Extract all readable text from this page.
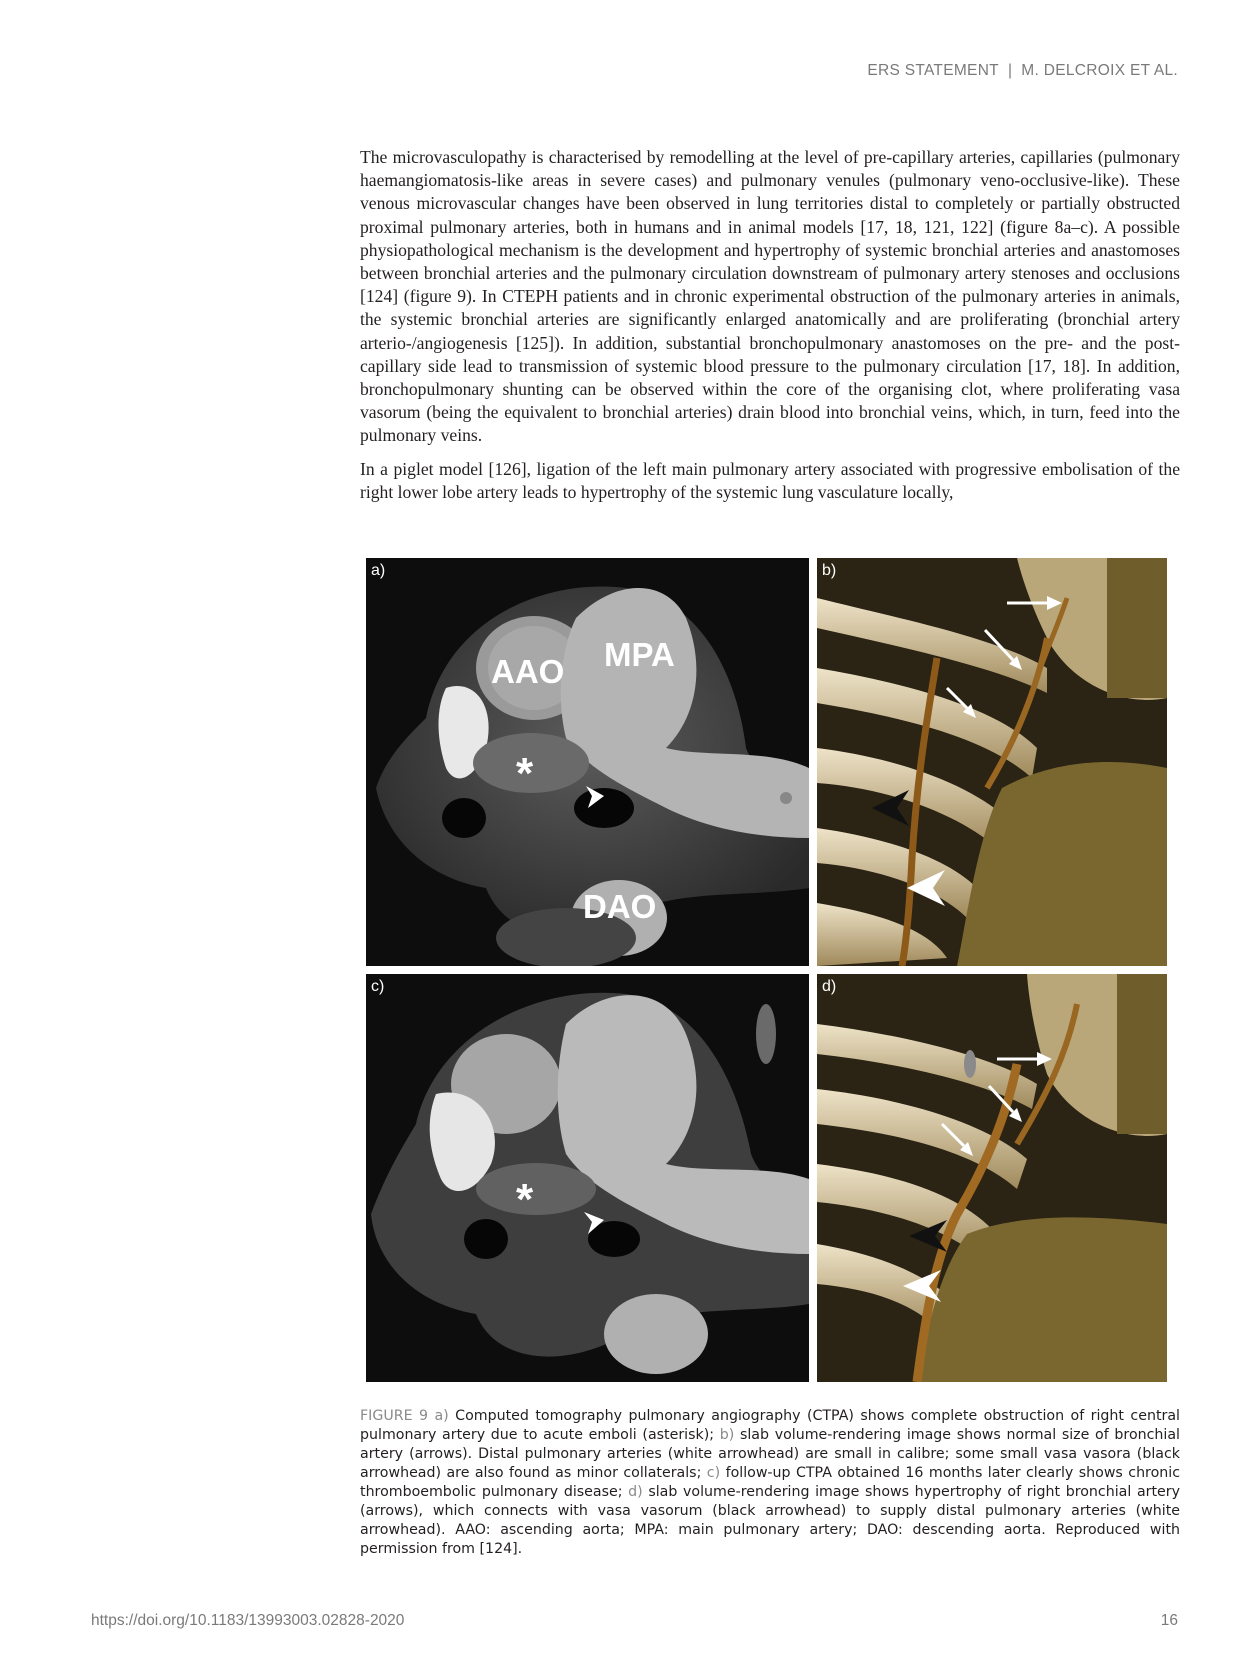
ERS STATEMENT | M. DELCROIX ET AL.

The microvasculopathy is characterised by remodelling at the level of pre-capillary arteries, capillaries (pulmonary haemangiomatosis-like areas in severe cases) and pulmonary venules (pulmonary veno-occlusive-like). These venous microvascular changes have been observed in lung territories distal to completely or partially obstructed proximal pulmonary arteries, both in humans and in animal models [17, 18, 121, 122] (figure 8a–c). A possible physiopathological mechanism is the development and hypertrophy of systemic bronchial arteries and anastomoses between bronchial arteries and the pulmonary circulation downstream of pulmonary artery stenoses and occlusions [124] (figure 9). In CTEPH patients and in chronic experimental obstruction of the pulmonary arteries in animals, the systemic bronchial arteries are significantly enlarged anatomically and are proliferating (bronchial artery arterio-/angiogenesis [125]). In addition, substantial bronchopulmonary anastomoses on the pre- and the post-capillary side lead to transmission of systemic blood pressure to the pulmonary circulation [17, 18]. In addition, bronchopulmonary shunting can be observed within the core of the organising clot, where proliferating vasa vasorum (being the equivalent to bronchial arteries) drain blood into bronchial veins, which, in turn, feed into the pulmonary veins.

In a piglet model [126], ligation of the left main pulmonary artery associated with progressive embolisation of the right lower lobe artery leads to hypertrophy of the systemic lung vasculature locally,

AAO MPA
*
DAO
a)	b)
*
c)	d)
FIGURE 9 a) Computed tomography pulmonary angiography (CTPA) shows complete obstruction of right central pulmonary artery due to acute emboli (asterisk); b) slab volume-rendering image shows normal size of bronchial artery (arrows). Distal pulmonary arteries (white arrowhead) are small in calibre; some small vasa vasora (black arrowhead) are also found as minor collaterals; c) follow-up CTPA obtained 16 months later clearly shows chronic thromboembolic pulmonary disease; d) slab volume-rendering image shows hypertrophy of right bronchial artery (arrows), which connects with vasa vasorum (black arrowhead) to supply distal pulmonary arteries (white arrowhead). AAO: ascending aorta; MPA: main pulmonary artery; DAO: descending aorta. Reproduced with permission from [124].
https://doi.org/10.1183/13993003.02828-2020	16
